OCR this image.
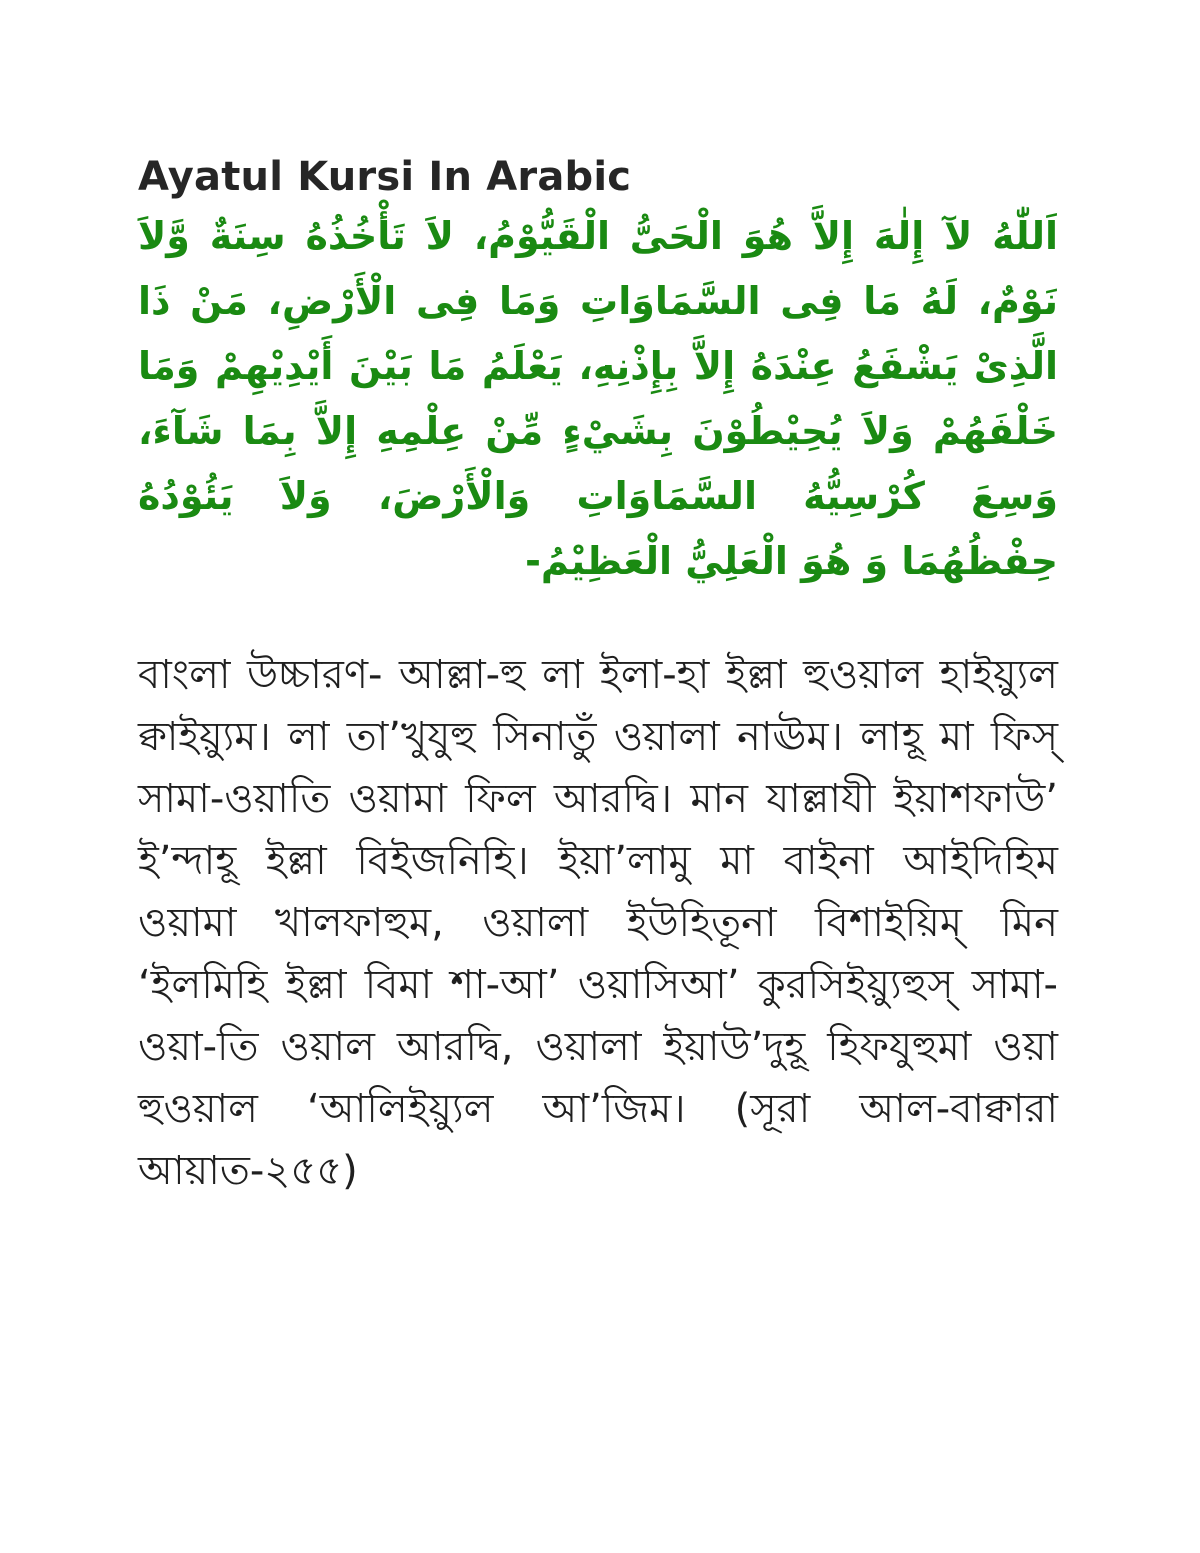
Ayatul Kursi In Arabic

اَللّٰهُ لآ إِلٰهَ إِلاَّ هُوَ الْحَىُّ الْقَيُّوْمُ، لاَ تَأْخُذُهُ سِنَةٌ وَّلاَ نَوْمٌ، لَهُ مَا فِى السَّمَاوَاتِ وَمَا فِى الْأَرْضِ، مَنْ ذَا الَّذِىْ يَشْفَعُ عِنْدَهُ إِلاَّ بِإِذْنِهِ، يَعْلَمُ مَا بَيْنَ أَيْدِيْهِمْ وَمَا خَلْفَهُمْ وَلاَ يُحِيْطُوْنَ بِشَيْءٍ مِّنْ عِلْمِهِ إِلاَّ بِمَا شَآءَ، وَسِعَ كُرْسِيُّهُ السَّمَاوَاتِ وَالْأَرْضَ، وَلاَ يَئُوْدُهُ حِفْظُهُمَا وَ هُوَ الْعَلِيُّ الْعَظِيْمُ-

বাংলা উচ্চারণ- আল্লা-হু লা ইলা-হা ইল্লা হুওয়াল হাইয়্যুল ক্বাইয়্যুম। লা তা’খুযুহু সিনাতুঁ ওয়ালা নাঊম। লাহূ মা ফিস্ সামা-ওয়াতি ওয়ামা ফিল আরদ্বি। মান যাল্লাযী ইয়াশফাউ’ ই’ন্দাহূ ইল্লা বিইজনিহি। ইয়া’লামু মা বাইনা আইদিহিম ওয়ামা খালফাহুম, ওয়ালা ইউহিতূনা বিশাইয়িম্ মিন ‘ইলমিহি ইল্লা বিমা শা-আ’ ওয়াসিআ’ কুরসিইয়্যুহুস্ সামা-ওয়া-তি ওয়াল আরদ্বি, ওয়ালা ইয়াউ’দুহূ হিফযুহুমা ওয়া হুওয়াল ‘আলিইয়্যুল আ’জিম। (সূরা আল-বাক্বারা আয়াত-২৫৫)
